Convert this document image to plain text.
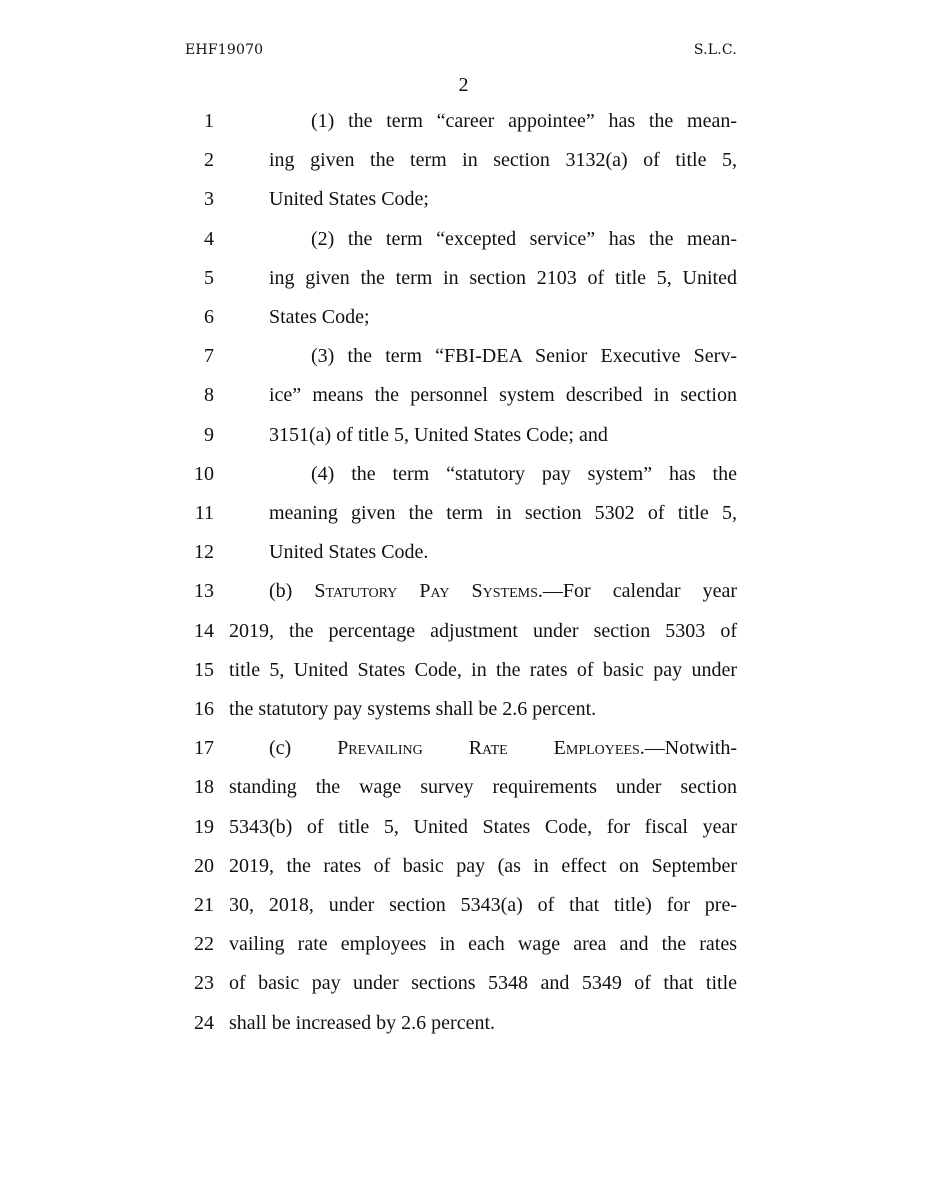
EHF19070	S.L.C.
2
1	(1) the term “career appointee” has the mean-
2	ing given the term in section 3132(a) of title 5,
3	United States Code;
4	(2) the term “excepted service” has the mean-
5	ing given the term in section 2103 of title 5, United
6	States Code;
7	(3) the term “FBI-DEA Senior Executive Serv-
8	ice” means the personnel system described in section
9	3151(a) of title 5, United States Code; and
10	(4) the term “statutory pay system” has the
11	meaning given the term in section 5302 of title 5,
12	United States Code.
13	(b) Statutory Pay Systems.—For calendar year
14 2019, the percentage adjustment under section 5303 of
15 title 5, United States Code, in the rates of basic pay under
16 the statutory pay systems shall be 2.6 percent.
17	(c) Prevailing Rate Employees.—Notwith-
18 standing the wage survey requirements under section
19 5343(b) of title 5, United States Code, for fiscal year
20 2019, the rates of basic pay (as in effect on September
21 30, 2018, under section 5343(a) of that title) for pre-
22 vailing rate employees in each wage area and the rates
23 of basic pay under sections 5348 and 5349 of that title
24 shall be increased by 2.6 percent.
